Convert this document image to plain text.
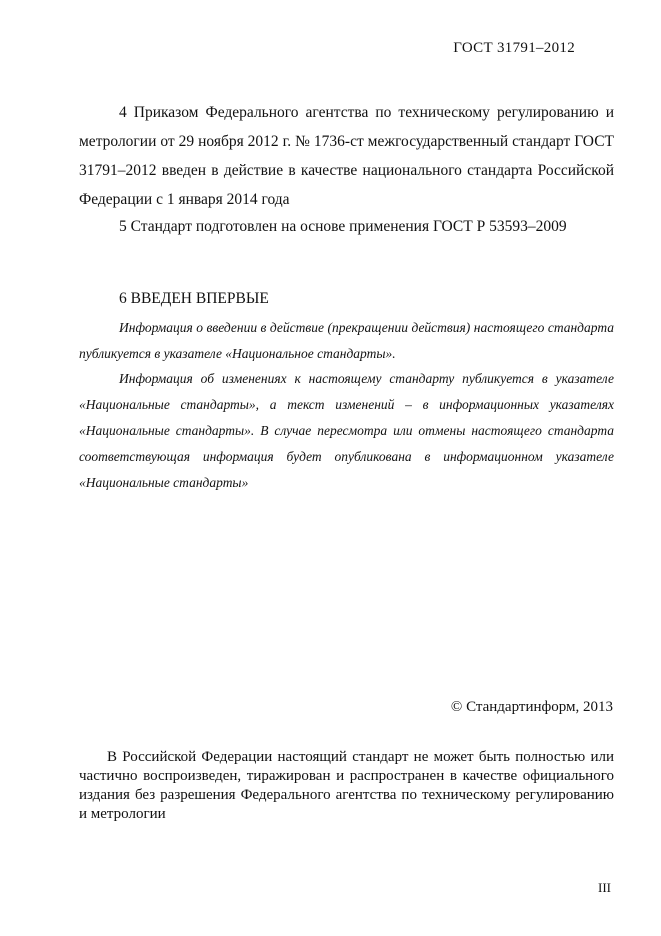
ГОСТ 31791–2012

4 Приказом Федерального агентства по техническому регулированию и метрологии от 29 ноября 2012 г. № 1736-ст межгосударственный стандарт ГОСТ 31791–2012 введен в действие в качестве национального стандарта Российской Федерации с 1 января 2014 года

5 Стандарт подготовлен на основе применения ГОСТ Р 53593–2009

6 ВВЕДЕН ВПЕРВЫЕ

Информация о введении в действие (прекращении действия) настоящего стандарта публикуется в указателе «Национальное стандарты».

Информация об изменениях к настоящему стандарту публикуется в указателе «Национальные стандарты», а текст изменений – в информационных указателях «Национальные стандарты». В случае пересмотра или отмены настоящего стандарта соответствующая информация будет опубликована в информационном указателе «Национальные стандарты»

© Стандартинформ, 2013

В Российской Федерации настоящий стандарт не может быть полностью или частично воспроизведен, тиражирован и распространен в качестве официального издания без разрешения Федерального агентства по техническому регулированию и метрологии

III
